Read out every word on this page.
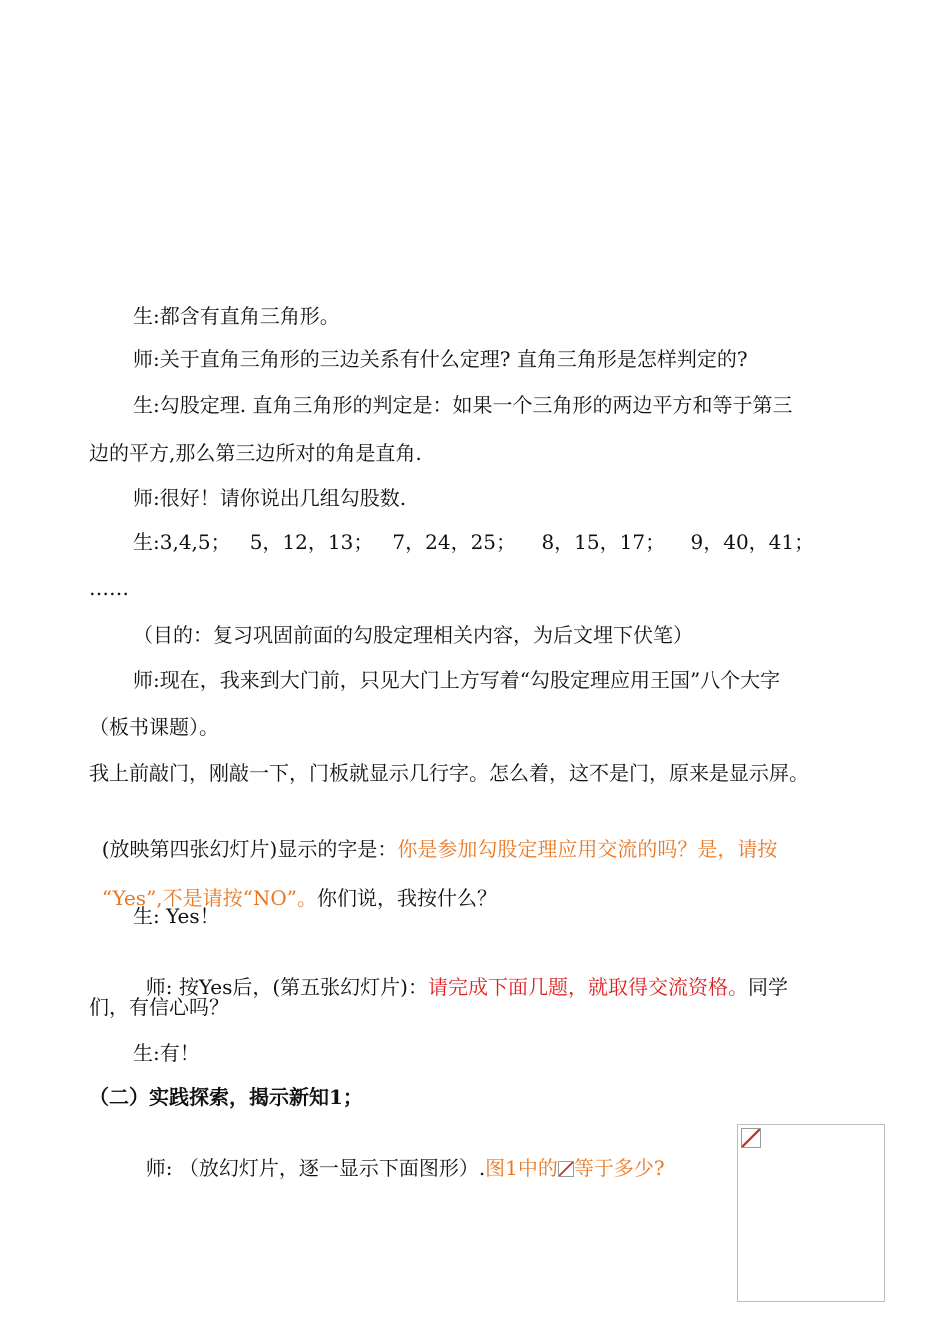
生:都含有直角三角形。
师:关于直角三角形的三边关系有什么定理? 直角三角形是怎样判定的?
生:勾股定理. 直角三角形的判定是：如果一个三角形的两边平方和等于第三
边的平方,那么第三边所对的角是直角.
师:很好！请你说出几组勾股数.
生:3,4,5；   5，12，13；   7，24，25；    8，15，17；    9，40，41；
……
（目的：复习巩固前面的勾股定理相关内容，为后文埋下伏笔）
师:现在，我来到大门前，只见大门上方写着“勾股定理应用王国”八个大字
（板书课题）。
我上前敲门，刚敲一下，门板就显示几行字。怎么着，这不是门，原来是显示屏。

(放映第四张幻灯片)显示的字是：你是参加勾股定理应用交流的吗？是，请按

“Yes”,不是请按“NO”。你们说，我按什么？

生: Yes！

师: 按Yes后，(第五张幻灯片)：请完成下面几题，就取得交流资格。同学

们，有信心吗？
生:有！
（二）实践探索，揭示新知1；

师: （放幻灯片，逐一显示下面图形）.图1中的 等于多少?
